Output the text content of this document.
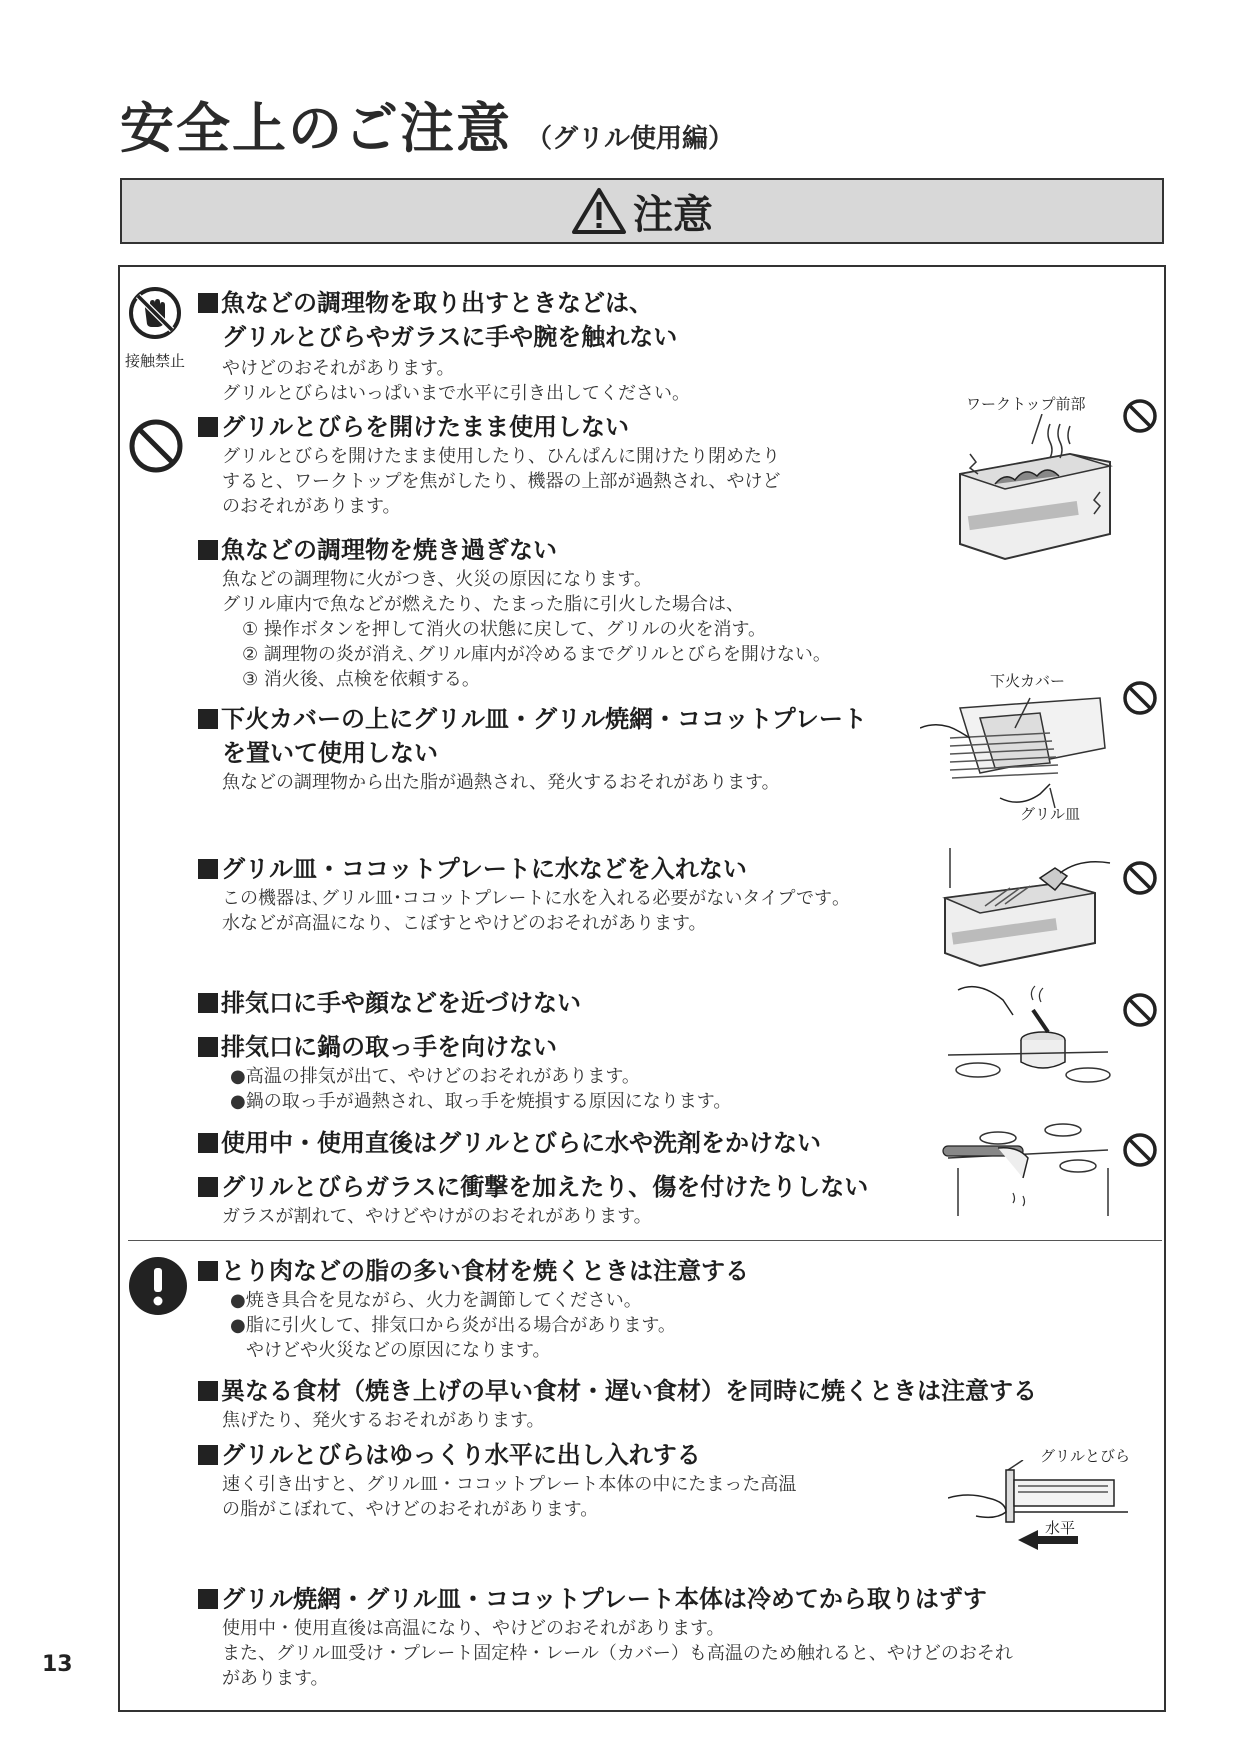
安全上のご注意 （グリル使用編）
注意
接触禁止
魚などの調理物を取り出すときなどは、
グリルとびらやガラスに手や腕を触れない
やけどのおそれがあります。
グリルとびらはいっぱいまで水平に引き出してください。
グリルとびらを開けたまま使用しない
グリルとびらを開けたまま使用したり、ひんぱんに開けたり閉めたり
すると、ワークトップを焦がしたり、機器の上部が過熱され、やけど
のおそれがあります。
魚などの調理物を焼き過ぎない
魚などの調理物に火がつき、火災の原因になります。
グリル庫内で魚などが燃えたり、たまった脂に引火した場合は、
① 操作ボタンを押して消火の状態に戻して、グリルの火を消す。
② 調理物の炎が消え､グリル庫内が冷めるまでグリルとびらを開けない。
③ 消火後、点検を依頼する。
下火カバーの上にグリル皿・グリル焼網・ココットプレート
を置いて使用しない
魚などの調理物から出た脂が過熱され、発火するおそれがあります。
グリル皿・ココットプレートに水などを入れない
この機器は､グリル皿･ココットプレートに水を入れる必要がないタイプです｡
水などが高温になり、こぼすとやけどのおそれがあります。
排気口に手や顔などを近づけない
排気口に鍋の取っ手を向けない
●高温の排気が出て、やけどのおそれがあります。
●鍋の取っ手が過熱され、取っ手を焼損する原因になります。
使用中・使用直後はグリルとびらに水や洗剤をかけない
グリルとびらガラスに衝撃を加えたり、傷を付けたりしない
ガラスが割れて、やけどやけがのおそれがあります。
とり肉などの脂の多い食材を焼くときは注意する
●焼き具合を見ながら、火力を調節してください。
●脂に引火して、排気口から炎が出る場合があります。
やけどや火災などの原因になります。
異なる食材（焼き上げの早い食材・遅い食材）を同時に焼くときは注意する
焦げたり、発火するおそれがあります。
グリルとびらはゆっくり水平に出し入れする
速く引き出すと、グリル皿・ココットプレート本体の中にたまった高温
の脂がこぼれて、やけどのおそれがあります。
グリル焼網・グリル皿・ココットプレート本体は冷めてから取りはずす
使用中・使用直後は高温になり、やけどのおそれがあります。
また、グリル皿受け・プレート固定枠・レール（カバー）も高温のため触れると、やけどのおそれ
があります。
ワークトップ前部
下火カバー
グリル皿
グリルとびら
水平
13
